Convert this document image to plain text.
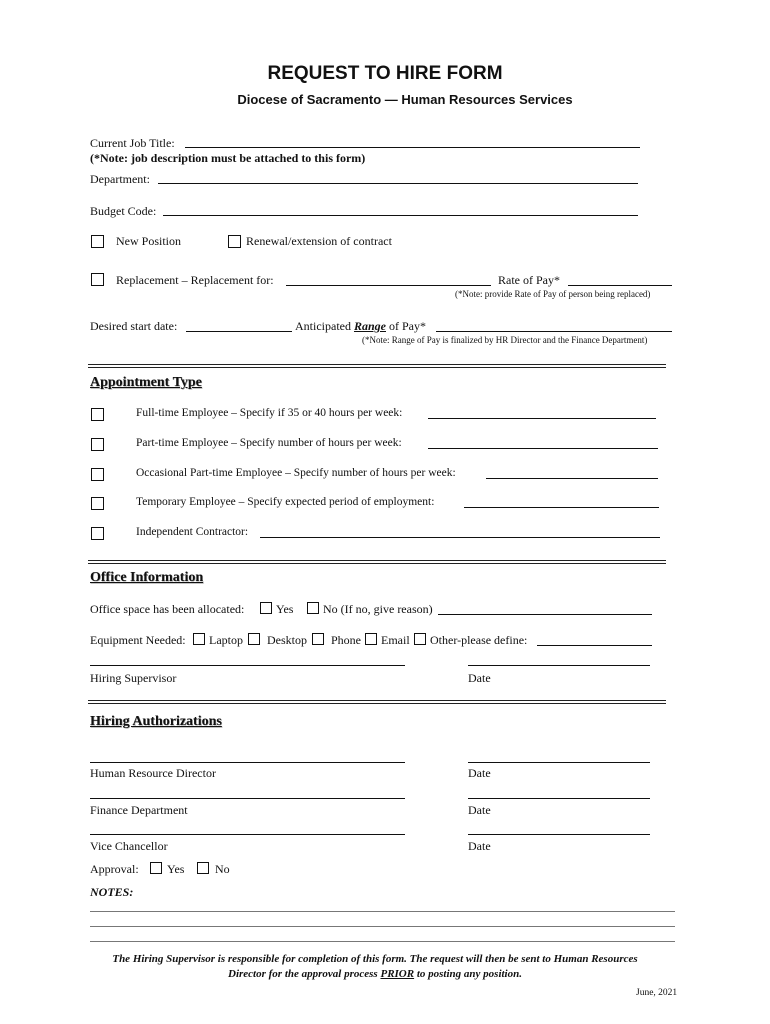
REQUEST TO HIRE FORM
Diocese of Sacramento — Human Resources Services
Current Job Title:
(*Note: job description must be attached to this form)
Department:
Budget Code:
New Position	Renewal/extension of contract
Replacement – Replacement for:	Rate of Pay*
(*Note: provide Rate of Pay of person being replaced)
Desired start date:	Anticipated Range of Pay*
(*Note: Range of Pay is finalized by HR Director and the Finance Department)
Appointment Type
Full-time Employee – Specify if 35 or 40 hours per week:
Part-time Employee – Specify number of hours per week:
Occasional Part-time Employee – Specify number of hours per week:
Temporary Employee – Specify expected period of employment:
Independent Contractor:
Office Information
Office space has been allocated:	Yes No (If no, give reason)
Equipment Needed: Laptop Desktop Phone Email Other-please define:
Hiring Supervisor	Date
Hiring Authorizations
Human Resource Director	Date
Finance Department	Date
Vice Chancellor	Date
Approval: Yes	No
NOTES:
The Hiring Supervisor is responsible for completion of this form. The request will then be sent to Human Resources
Director for the approval process PRIOR to posting any position.
June, 2021
